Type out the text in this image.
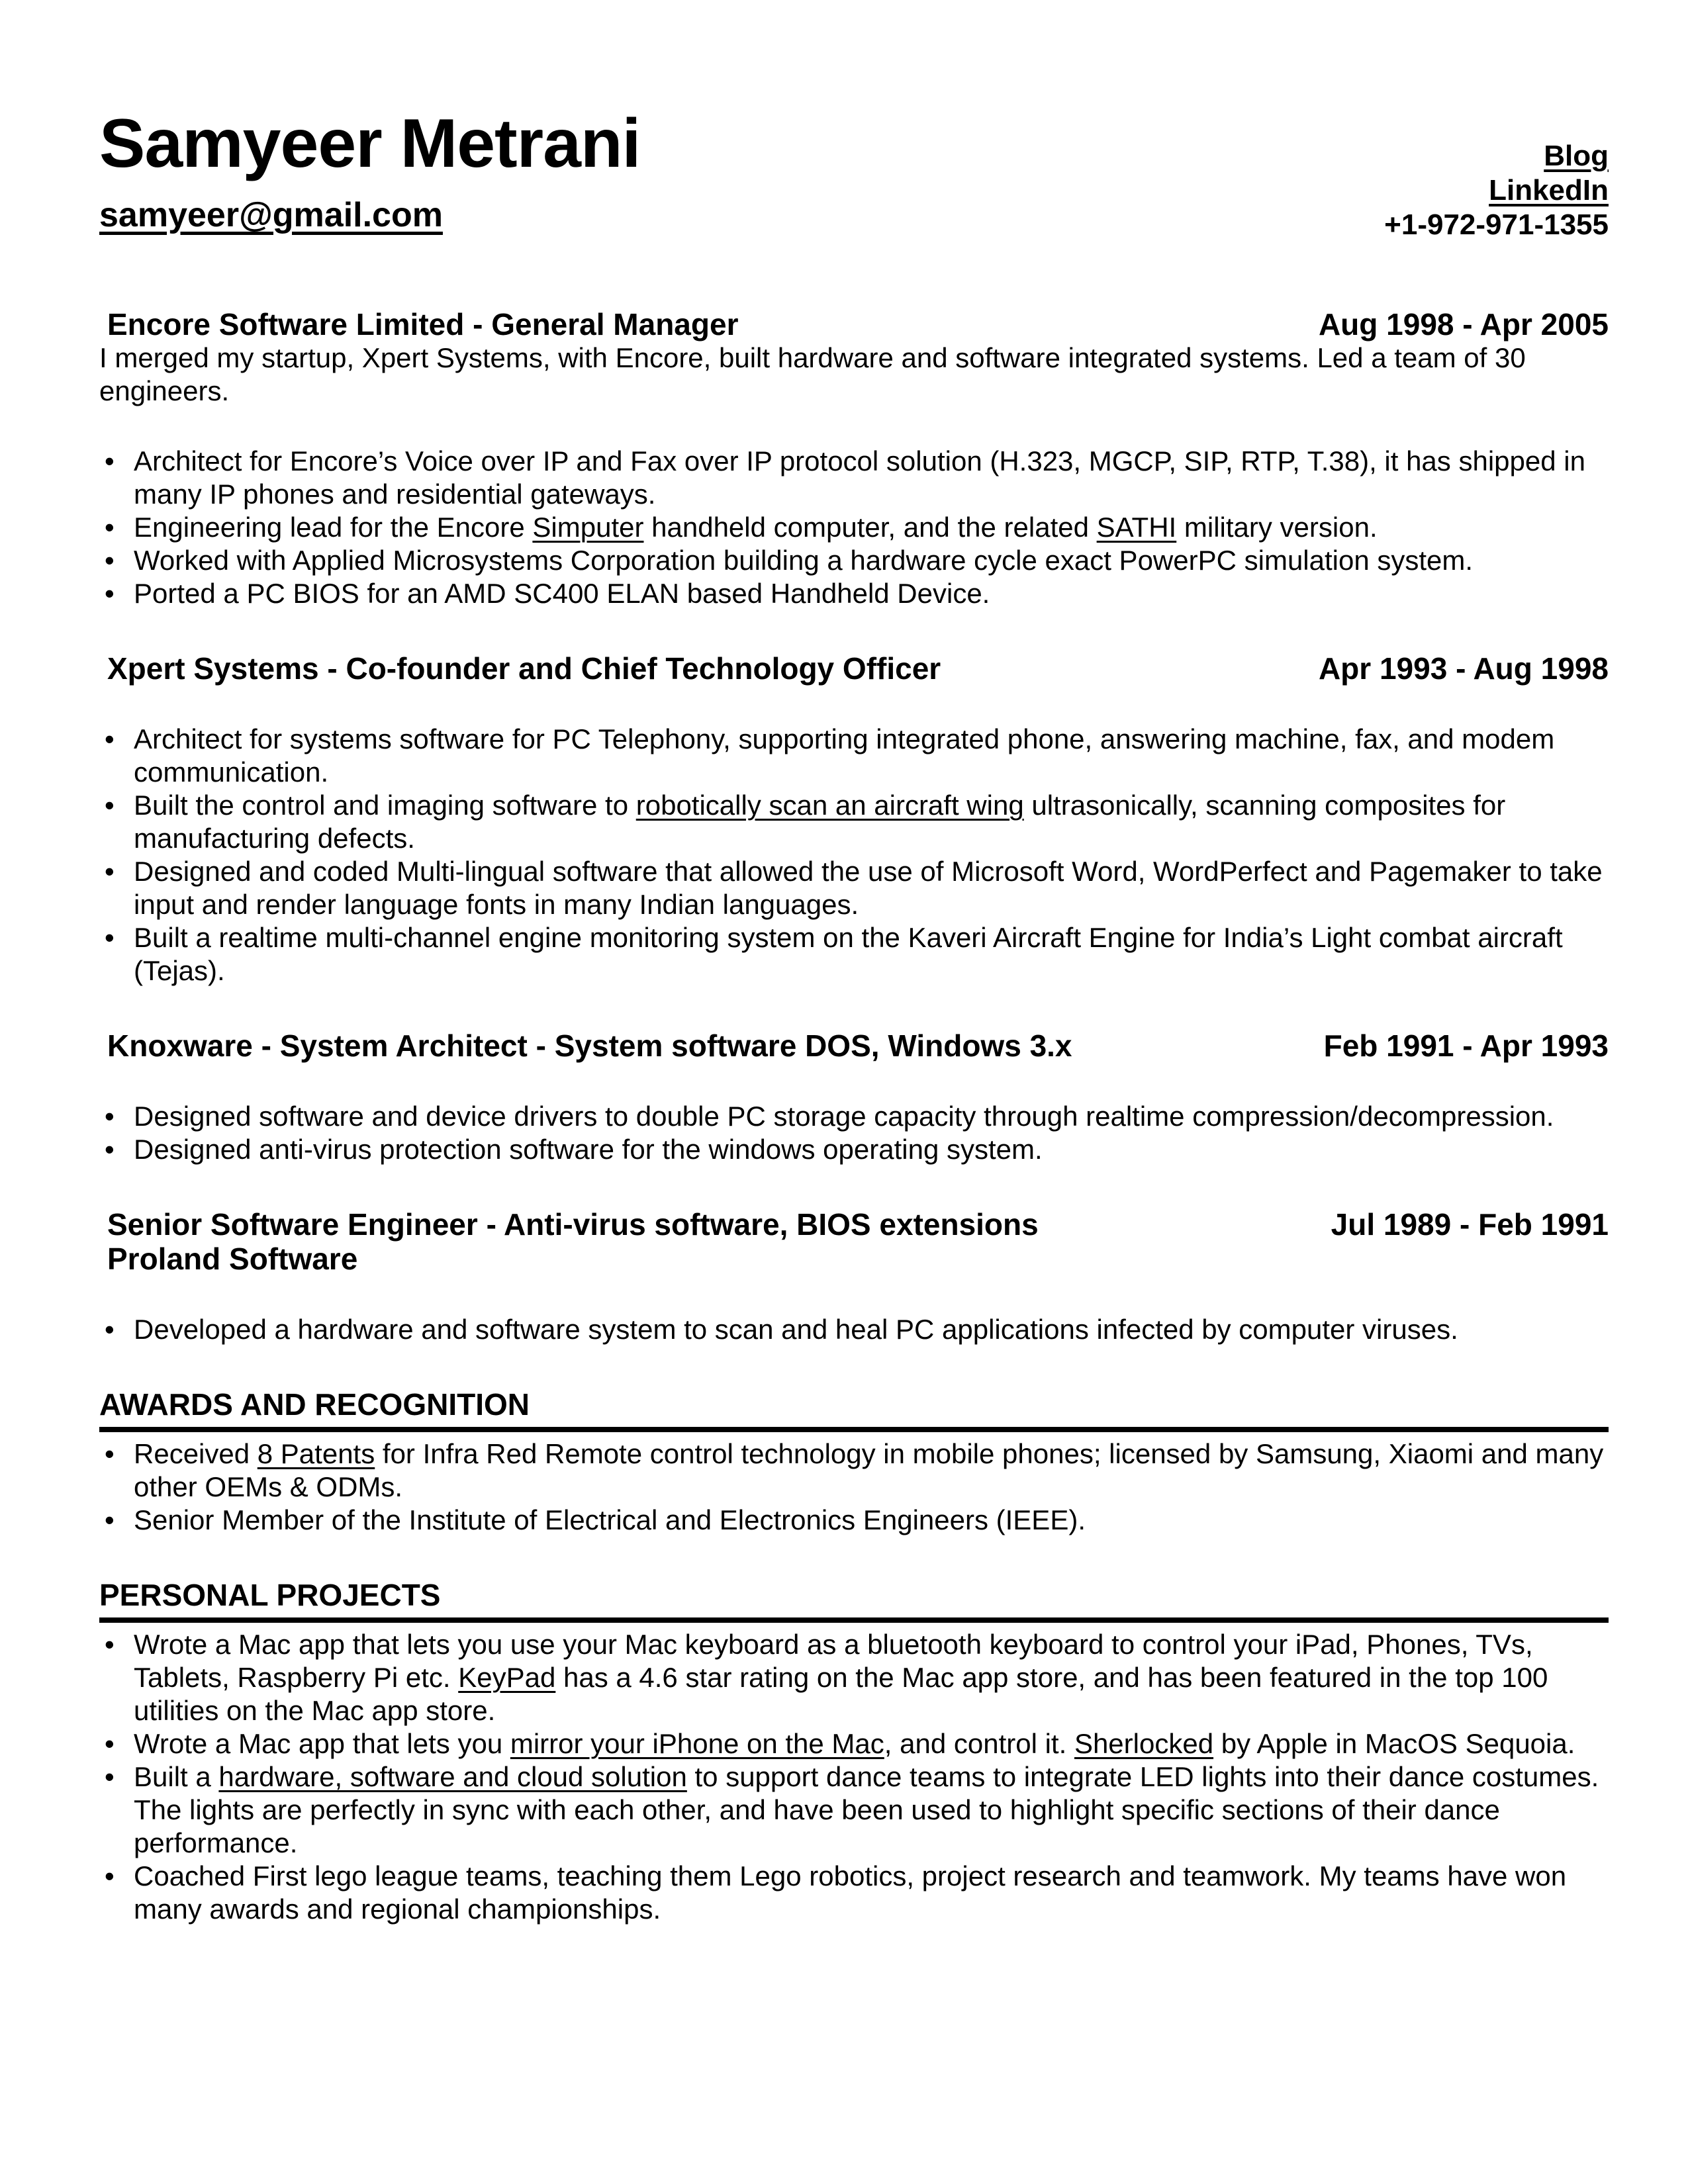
Samyeer Metrani
samyeer@gmail.com
Blog
LinkedIn
+1-972-971-1355
Encore Software Limited - General Manager	Aug 1998 - Apr 2005

I merged my startup, Xpert Systems, with Encore, built hardware and software integrated systems. Led a team of 30 engineers.

• Architect for Encore’s Voice over IP and Fax over IP protocol solution (H.323, MGCP, SIP, RTP, T.38), it has shipped in many IP phones and residential gateways.
• Engineering lead for the Encore Simputer handheld computer, and the related SATHI military version.
• Worked with Applied Microsystems Corporation building a hardware cycle exact PowerPC simulation system.
• Ported a PC BIOS for an AMD SC400 ELAN based Handheld Device.
Xpert Systems - Co-founder and Chief Technology Officer	Apr 1993 - Aug 1998
• Architect for systems software for PC Telephony, supporting integrated phone, answering machine, fax, and modem communication.
• Built the control and imaging software to robotically scan an aircraft wing ultrasonically, scanning composites for manufacturing defects.
• Designed and coded Multi-lingual software that allowed the use of Microsoft Word, WordPerfect and Pagemaker to take input and render language fonts in many Indian languages.
• Built a realtime multi-channel engine monitoring system on the Kaveri Aircraft Engine for India’s Light combat aircraft (Tejas).
Knoxware - System Architect - System software DOS, Windows 3.x	Feb 1991 - Apr 1993
• Designed software and device drivers to double PC storage capacity through realtime compression/decompression.
• Designed anti-virus protection software for the windows operating system.
Senior Software Engineer - Anti-virus software, BIOS extensions
Proland Software
Jul 1989 - Feb 1991
• Developed a hardware and software system to scan and heal PC applications infected by computer viruses.
AWARDS AND RECOGNITION
• Received 8 Patents for Infra Red Remote control technology in mobile phones; licensed by Samsung, Xiaomi and many other OEMs & ODMs.
• Senior Member of the Institute of Electrical and Electronics Engineers (IEEE).
PERSONAL PROJECTS
• Wrote a Mac app that lets you use your Mac keyboard as a bluetooth keyboard to control your iPad, Phones, TVs, Tablets, Raspberry Pi etc. KeyPad has a 4.6 star rating on the Mac app store, and has been featured in the top 100 utilities on the Mac app store.
• Wrote a Mac app that lets you mirror your iPhone on the Mac, and control it. Sherlocked by Apple in MacOS Sequoia.
• Built a hardware, software and cloud solution to support dance teams to integrate LED lights into their dance costumes. The lights are perfectly in sync with each other, and have been used to highlight specific sections of their dance performance.
• Coached First lego league teams, teaching them Lego robotics, project research and teamwork. My teams have won many awards and regional championships.
